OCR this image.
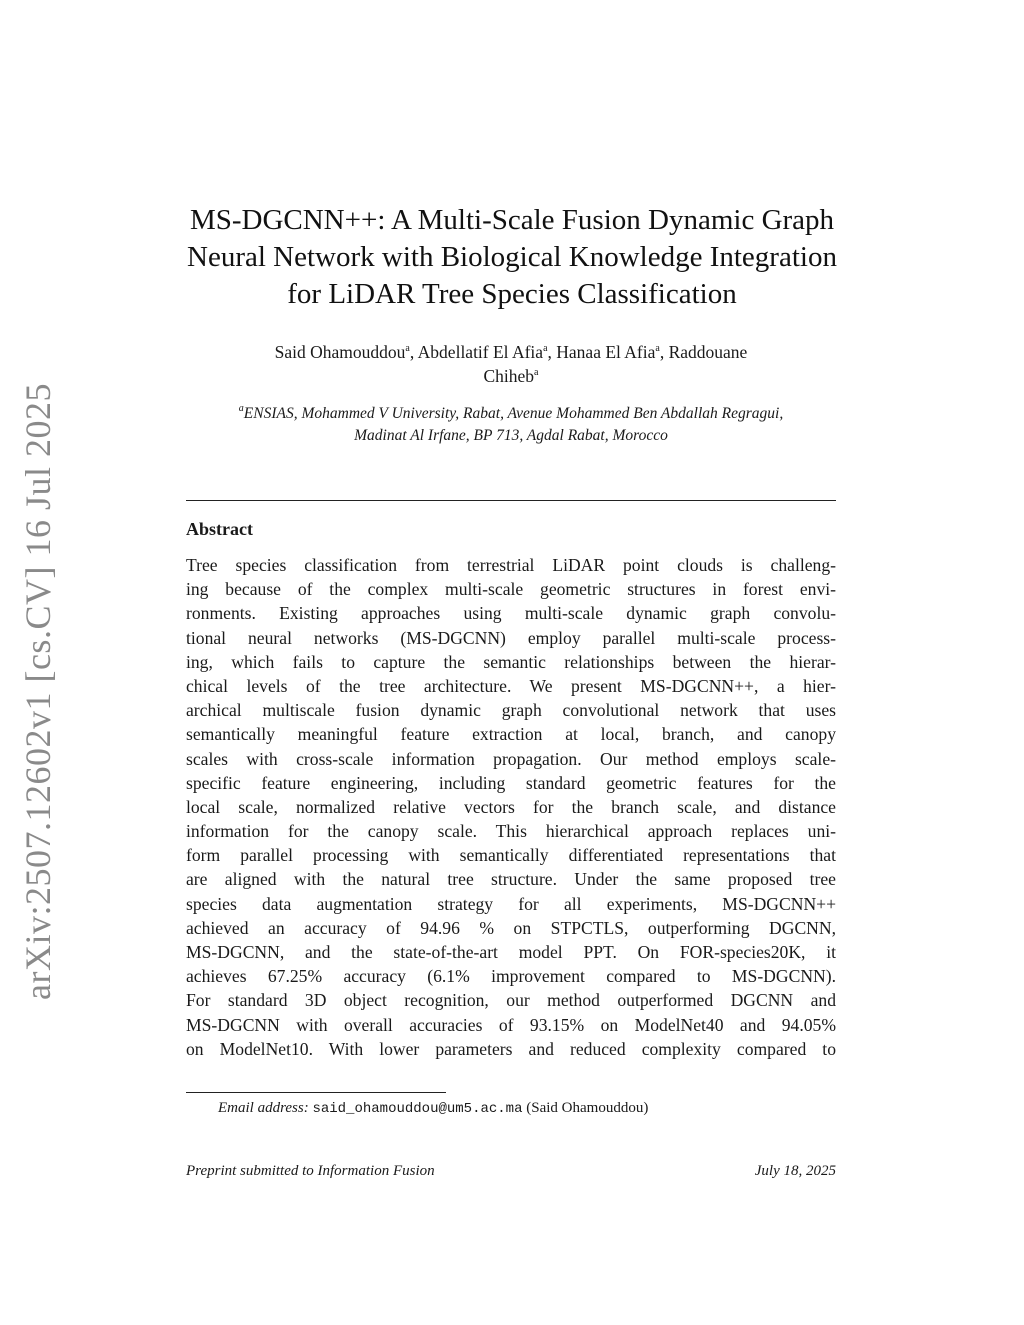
arXiv:2507.12602v1 [cs.CV] 16 Jul 2025
MS-DGCNN++: A Multi-Scale Fusion Dynamic Graph
Neural Network with Biological Knowledge Integration
for LiDAR Tree Species Classification
Said Ohamouddou$^a$, Abdellatif El Afia$^a$, Hanaa El Afia$^a$, Raddouane
Chiheb$^a$
$^a$ENSIAS, Mohammed V University, Rabat, Avenue Mohammed Ben Abdallah Regragui,
Madinat Al Irfane, BP 713, Agdal Rabat, Morocco
Abstract
Tree species classification from terrestrial LiDAR point clouds is challeng-
ing because of the complex multi-scale geometric structures in forest envi-
ronments. Existing approaches using multi-scale dynamic graph convolu-
tional neural networks (MS-DGCNN) employ parallel multi-scale process-
ing, which fails to capture the semantic relationships between the hierar-
chical levels of the tree architecture. We present MS-DGCNN++, a hier-
archical multiscale fusion dynamic graph convolutional network that uses
semantically meaningful feature extraction at local, branch, and canopy
scales with cross-scale information propagation. Our method employs scale-
specific feature engineering, including standard geometric features for the
local scale, normalized relative vectors for the branch scale, and distance
information for the canopy scale. This hierarchical approach replaces uni-
form parallel processing with semantically differentiated representations that
are aligned with the natural tree structure. Under the same proposed tree
species data augmentation strategy for all experiments, MS-DGCNN++
achieved an accuracy of 94.96 % on STPCTLS, outperforming DGCNN,
MS-DGCNN, and the state-of-the-art model PPT. On FOR-species20K, it
achieves 67.25% accuracy (6.1% improvement compared to MS-DGCNN).
For standard 3D object recognition, our method outperformed DGCNN and
MS-DGCNN with overall accuracies of 93.15% on ModelNet40 and 94.05%
on ModelNet10. With lower parameters and reduced complexity compared to
Email address: said_ohamouddou@um5.ac.ma (Said Ohamouddou)
Preprint submitted to Information Fusion	July 18, 2025
